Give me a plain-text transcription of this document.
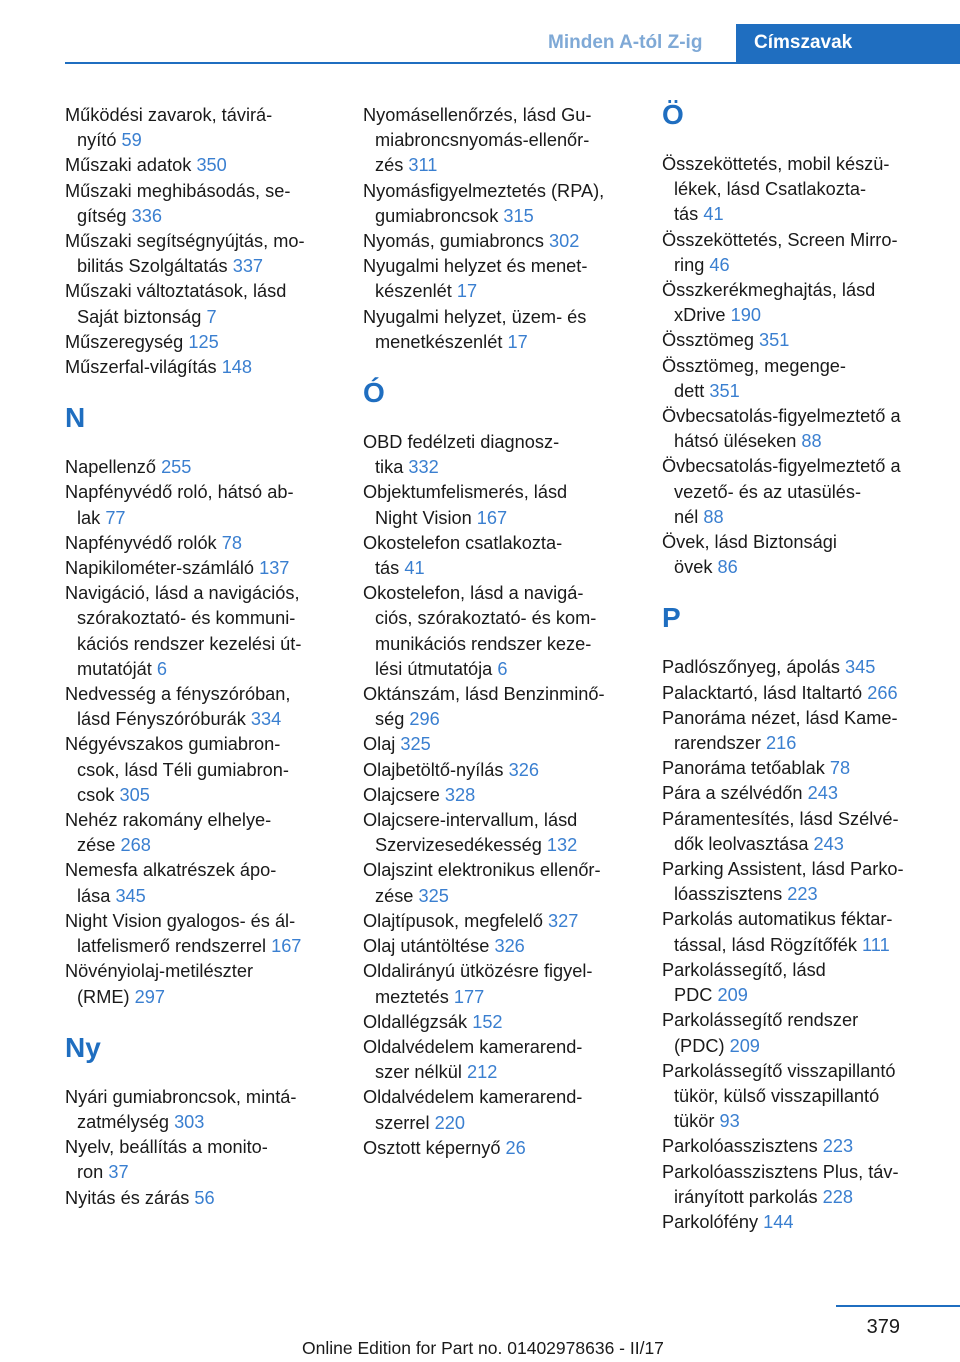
Minden A-tól Z-ig	Címszavak

Működési zavarok, távirá-
nyító 59

Műszaki adatok 350

Műszaki meghibásodás, se-
gítség 336

Műszaki segítségnyújtás, mo-
bilitás Szolgáltatás 337

Műszaki változtatások, lásd
Saját biztonság 7

Műszeregység 125

Műszerfal-világítás 148

N

Napellenző 255

Napfényvédő roló, hátsó ab-
lak 77

Napfényvédő rolók 78

Napikilométer-számláló 137

Navigáció, lásd a navigációs,
szórakoztató- és kommuni-
kációs rendszer kezelési út-
mutatóját 6

Nedvesség a fényszóróban,
lásd Fényszóróburák 334

Négyévszakos gumiabron-
csok, lásd Téli gumiabron-
csok 305

Nehéz rakomány elhelye-
zése 268

Nemesfa alkatrészek ápo-
lása 345

Night Vision gyalogos- és ál-
latfelismerő rendszerrel 167

Növényiolaj-metilészter
(RME) 297

Ny

Nyári gumiabroncsok, mintá-
zatmélység 303

Nyelv, beállítás a monito-
ron 37

Nyitás és zárás 56

Nyomásellenőrzés, lásd Gu-
miabroncsnyomás-ellenőr-
zés 311

Nyomásfigyelmeztetés (RPA),
gumiabroncsok 315

Nyomás, gumiabroncs 302

Nyugalmi helyzet és menet-
készenlét 17

Nyugalmi helyzet, üzem- és
menetkészenlét 17

Ó

OBD fedélzeti diagnosz-
tika 332

Objektumfelismerés, lásd
Night Vision 167

Okostelefon csatlakozta-
tás 41

Okostelefon, lásd a navigá-
ciós, szórakoztató- és kom-
munikációs rendszer keze-
lési útmutatója 6

Oktánszám, lásd Benzinminő-
ség 296

Olaj 325

Olajbetöltő-nyílás 326

Olajcsere 328

Olajcsere-intervallum, lásd
Szervizesedékesség 132

Olajszint elektronikus ellenőr-
zése 325

Olajtípusok, megfelelő 327

Olaj utántöltése 326

Oldalirányú ütközésre figyel-
meztetés 177

Oldallégzsák 152

Oldalvédelem kamerarend-
szer nélkül 212

Oldalvédelem kamerarend-
szerrel 220

Osztott képernyő 26

Ö

Összeköttetés, mobil készü-
lékek, lásd Csatlakozta-
tás 41

Összeköttetés, Screen Mirro-
ring 46

Összkerékmeghajtás, lásd
xDrive 190

Össztömeg 351

Össztömeg, megenge-
dett 351

Övbecsatolás-figyelmeztető a
hátsó üléseken 88

Övbecsatolás-figyelmeztető a
vezető- és az utasülés-
nél 88

Övek, lásd Biztonsági
övek 86

P

Padlószőnyeg, ápolás 345

Palacktartó, lásd Italtartó 266

Panoráma nézet, lásd Kame-
rarendszer 216

Panoráma tetőablak 78

Pára a szélvédőn 243

Páramentesítés, lásd Szélvé-
dők leolvasztása 243

Parking Assistent, lásd Parko-
lóasszisztens 223

Parkolás automatikus féktar-
tással, lásd Rögzítőfék 111

Parkolássegítő, lásd
PDC 209

Parkolássegítő rendszer
(PDC) 209

Parkolássegítő visszapillantó
tükör, külső visszapillantó
tükör 93

Parkolóasszisztens 223

Parkolóasszisztens Plus, táv-
irányított parkolás 228

Parkolófény 144

379
Online Edition for Part no. 01402978636 - II/17
